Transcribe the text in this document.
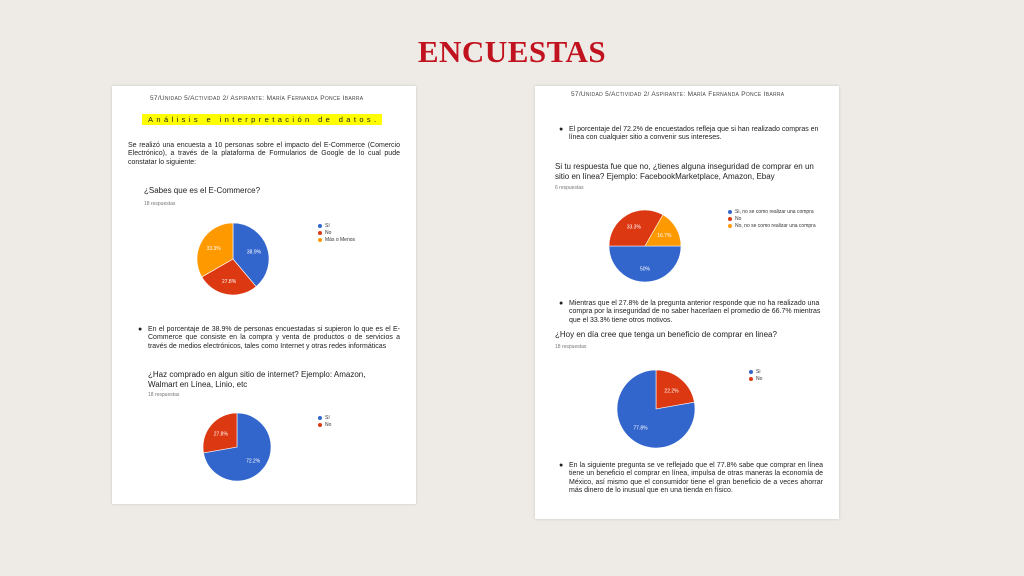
ENCUESTAS
57/Unidad 5/Actividad 2/ Aspirante: María Fernanda Ponce Ibarra
Análisis e interpretación de datos.
Se realizó una encuesta a 10 personas sobre el impacto del E-Commerce (Comercio Electrónico), a través de la plataforma de Formularios de Google de lo cual pude constatar lo siguiente:
¿Sabes que es el E-Commerce?
18 respuestas
38.9%
27.8%
33.3%
Sí
No
Más o Menos
● En el porcentaje de 38.9% de personas encuestadas si supieron lo que es el E-Commerce que consiste en la compra y venta de productos o de servicios a través de medios electrónicos, tales como Internet y otras redes informáticas
¿Haz comprado en algun sitio de internet? Ejemplo: Amazon, Walmart en Línea, Linio, etc
18 respuestas
72.2%
27.8%
Sí
No
57/Unidad 5/Actividad 2/ Aspirante: María Fernanda Ponce Ibarra
● El porcentaje del 72.2% de encuestados refleja que si han realizado compras en línea con cualquier sitio a convenir sus intereses.
Si tu respuesta fue que no, ¿tienes alguna inseguridad de comprar en un sitio en línea? Ejemplo: FacebookMarketplace, Amazon, Ebay
6 respuestas
50%
33.3%
16.7%
Si, no se como realizar una compra
No
No, no se como realizar una compra
● Mientras que el 27.8% de la pregunta anterior responde que no ha realizado una compra por la inseguridad de no saber hacerlaen el promedio de 66.7% mientras que el 33.3% tiene otros motivos.
¿Hoy en día cree que tenga un beneficio de comprar en linea?
18 respuestas
22.2%
77.8%
Si
No
● En la siguiente pregunta se ve reflejado que el 77.8% sabe que comprar en línea tiene un beneficio el comprar en línea, impulsa de otras maneras la economía de México, así mismo que el consumidor tiene el gran beneficio de a veces ahorrar más dinero de lo inusual que en una tienda en físico.
